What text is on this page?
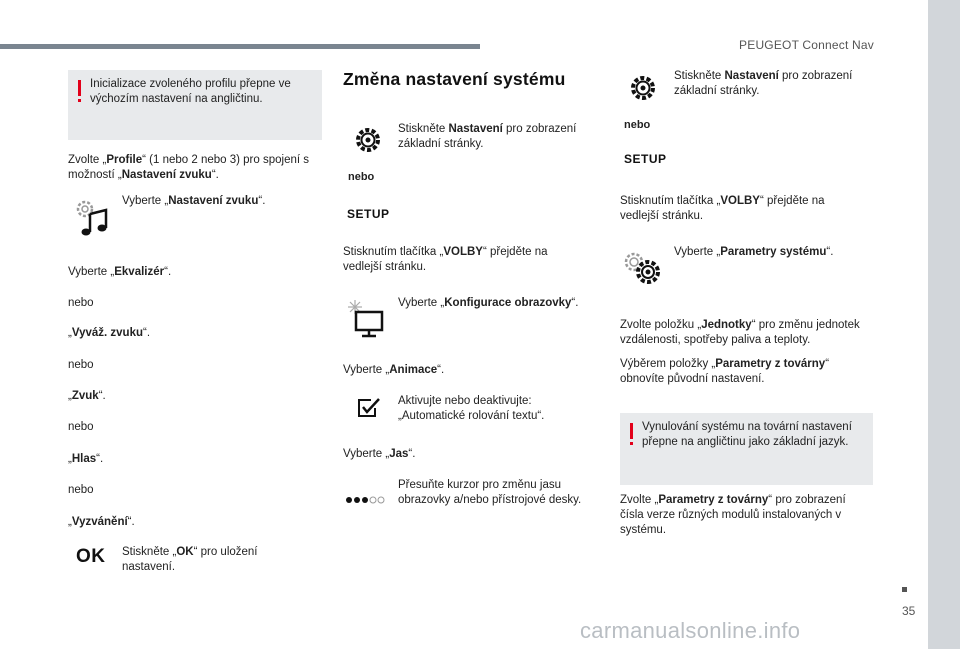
PEUGEOT Connect Nav
35
carmanualsonline.info
Inicializace zvoleného profilu přepne ve výchozím nastavení na angličtinu.
Zvolte „Profile“ (1 nebo 2 nebo 3) pro spojení s možností „Nastavení zvuku“.
Vyberte „Nastavení zvuku“.
Vyberte „Ekvalizér“.
nebo
„Vyváž. zvuku“.
nebo
„Zvuk“.
nebo
„Hlas“.
nebo
„Vyzvánění“.
OK Stiskněte „OK“ pro uložení nastavení.
Změna nastavení systému
Stiskněte Nastavení pro zobrazení základní stránky.
nebo
SETUP
Stisknutím tlačítka „VOLBY“ přejděte na vedlejší stránku.
Vyberte „Konfigurace obrazovky“.
Vyberte „Animace“.
Aktivujte nebo deaktivujte: „Automatické rolování textu“.
Vyberte „Jas“.
Přesuňte kurzor pro změnu jasu obrazovky a/nebo přístrojové desky.
Stiskněte Nastavení pro zobrazení základní stránky.
nebo
SETUP
Stisknutím tlačítka „VOLBY“ přejděte na vedlejší stránku.
Vyberte „Parametry systému“.
Zvolte položku „Jednotky“ pro změnu jednotek vzdálenosti, spotřeby paliva a teploty.
Výběrem položky „Parametry z továrny“ obnovíte původní nastavení.
Vynulování systému na tovární nastavení přepne na angličtinu jako základní jazyk.
Zvolte „Parametry z továrny“ pro zobrazení čísla verze různých modulů instalovaných v systému.
